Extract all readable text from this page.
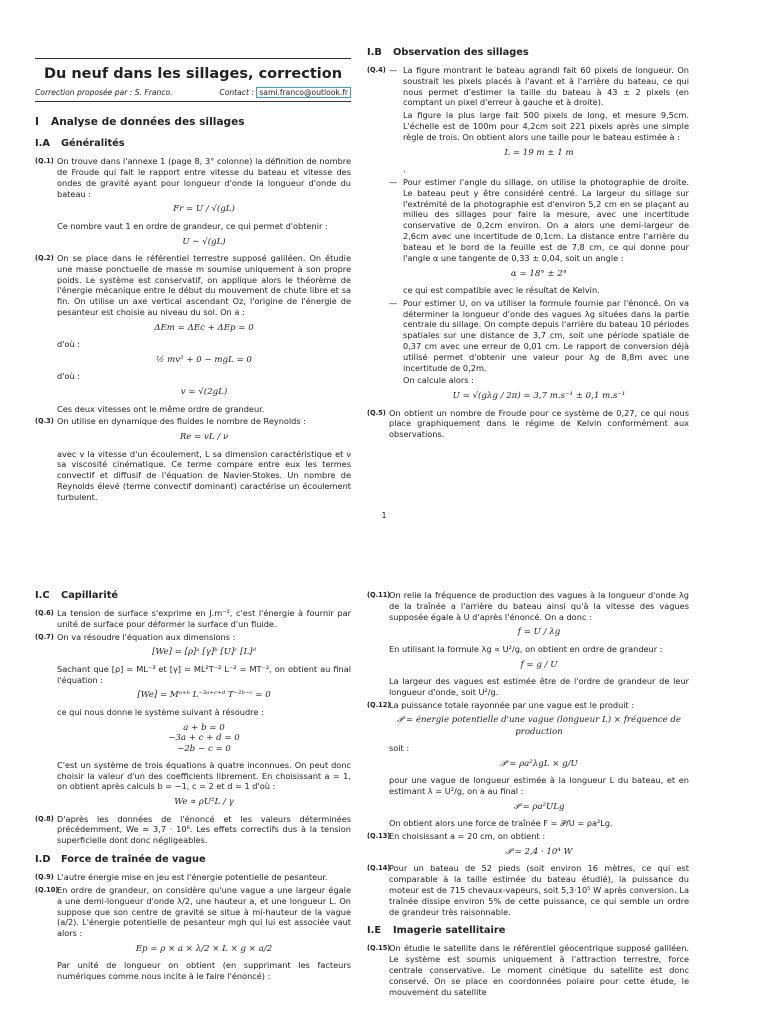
Du neuf dans les sillages, correction
Correction proposée par : S. Franco.	Contact : sami.franco@outlook.fr
I Analyse de données des sillages
I.A Généralités
(Q.1) On trouve dans l'annexe 1 (page 8, 3° colonne) la définition de nombre de Froude qui fait le rapport entre vitesse du bateau et vitesse des ondes de gravité ayant pour longueur d'onde la longueur d'onde du bateau :
Fr = U / √(gL)
Ce nombre vaut 1 en ordre de grandeur, ce qui permet d'obtenir :
U ∼ √(gL)
(Q.2) On se place dans le référentiel terrestre supposé galiléen. On étudie une masse ponctuelle de masse m soumise uniquement à son propre poids. Le système est conservatif, on applique alors le théorème de l'énergie mécanique entre le début du mouvement de chute libre et sa fin. On utilise un axe vertical ascendant Oz, l'origine de l'énergie de pesanteur est choisie au niveau du sol. On a :
ΔEm = ΔEc + ΔEp = 0
d'où :
½ mv² + 0 − mgL = 0
d'où :
v = √(2gL)
Ces deux vitesses ont le même ordre de grandeur.
(Q.3) On utilise en dynamique des fluides le nombre de Reynolds :
Re = vL / ν
avec v la vitesse d'un écoulement, L sa dimension caractéristique et ν sa viscosité cinématique. Ce terme compare entre eux les termes convectif et diffusif de l'équation de Navier-Stokes. Un nombre de Reynolds élevé (terme convectif dominant) caractérise un écoulement turbulent.
I.B Observation des sillages
(Q.4) — La figure montrant le bateau agrandi fait 60 pixels de longueur. On soustrait les pixels placés à l'avant et à l'arrière du bateau, ce qui nous permet d'estimer la taille du bateau à 43 ± 2 pixels (en comptant un pixel d'erreur à gauche et à droite).
La figure la plus large fait 500 pixels de long, et mesure 9,5cm. L'échelle est de 100m pour 4,2cm soit 221 pixels après une simple règle de trois. On obtient alors une taille pour le bateau estimée à :
L = 19 m ± 1 m
.
— Pour estimer l'angle du sillage, on utilise la photographie de droite. Le bateau peut y être considéré centré. La largeur du sillage sur l'extrémité de la photographie est d'environ 5,2 cm en se plaçant au milieu des sillages pour faire la mesure, avec une incertitude conservative de 0,2cm environ. On a alors une demi-largeur de 2,6cm avec une incertitude de 0,1cm. La distance entre l'arrière du bateau et le bord de la feuille est de 7,8 cm, ce qui donne pour l'angle α une tangente de 0,33 ± 0,04, soit un angle :
α = 18° ± 2°
ce qui est compatible avec le résultat de Kelvin.
— Pour estimer U, on va utiliser la formule fournie par l'énoncé. On va déterminer la longueur d'onde des vagues λg situées dans la partie centrale du sillage. On compte depuis l'arrière du bateau 10 périodes spatiales sur une distance de 3,7 cm, soit une période spatiale de 0,37 cm avec une erreur de 0,01 cm. Le rapport de conversion déjà utilisé permet d'obtenir une valeur pour λg de 8,8m avec une incertitude de 0,2m.
On calcule alors :
U = √(gλg / 2π) = 3,7 m.s⁻¹ ± 0,1 m.s⁻¹
(Q.5) On obtient un nombre de Froude pour ce système de 0,27, ce qui nous place graphiquement dans le régime de Kelvin conformément aux observations.
1
I.C Capillarité
(Q.6) La tension de surface s'exprime en J.m⁻², c'est l'énergie à fournir par unité de surface pour déformer la surface d'un fluide.
(Q.7) On va résoudre l'équation aux dimensions :
[We] = [ρ]ᵃ [γ]ᵇ [U]ᶜ [L]ᵈ
Sachant que [ρ] = ML⁻³ et [γ] = ML²T⁻² L⁻² = MT⁻², on obtient au final l'équation :
[We] = Mᵃ⁺ᵇ L⁻³ᵃ⁺ᶜ⁺ᵈ T⁻²ᵇ⁻ᶜ = 0
ce qui nous donne le système suivant à résoudre :
a + b = 0
−3a + c + d = 0
−2b − c = 0
C'est un système de trois équations à quatre inconnues. On peut donc choisir la valeur d'un des coefficients librement. En choisissant a = 1, on obtient après calculs b = −1, c = 2 et d = 1 d'où :
We ∝ ρU²L / γ
(Q.8) D'après les données de l'énoncé et les valeurs déterminées précédemment, We ≃ 3,7 · 10⁶. Les effets correctifs dus à la tension superficielle dont donc négligeables.
I.D Force de traînée de vague
(Q.9) L'autre énergie mise en jeu est l'énergie potentielle de pesanteur.
(Q.10)
En ordre de grandeur, on considère qu'une vague a une largeur égale a une demi-longueur d'onde λ/2, une hauteur a, et une longueur L. On suppose que son centre de gravité se situe à mi-hauteur de la vague (a/2). L'énergie potentielle de pesanteur mgh qui lui est associée vaut alors :
Ep = ρ × a × λ/2 × L × g × a/2
Par unité de longueur on obtient (en supprimant les facteurs numériques comme nous incite à le faire l'énoncé) :
(Q.11)
On relie la fréquence de production des vagues à la longueur d'onde λg de la traînée a l'arrière du bateau ainsi qu'à la vitesse des vagues supposée égale à U d'après l'énoncé. On a donc :
f = U / λg
En utilisant la formule λg ∝ U²/g, on obtient en ordre de grandeur :
f = g / U
La largeur des vagues est estimée être de l'ordre de grandeur de leur longueur d'onde, soit U²/g.
(Q.12)
La puissance totale rayonnée par une vague est le produit :
𝒫 = énergie potentielle d'une vague (longueur L) × fréquence de production
soit :
𝒫 = ρa²λgL × g/U
pour une vague de longueur estimée à la longueur L du bateau, et en estimant λ = U²/g, on a au final :
𝒫 = ρa²ULg
On obtient alors une force de traînée F = 𝒫/U = ρa²Lg.
(Q.13)
En choisissant a = 20 cm, on obtient :
𝒫 = 2,4 · 10⁴ W
(Q.14)
Pour un bateau de 52 pieds (soit environ 16 mètres, ce qui est comparable à la taille estimée du bateau étudié), la puissance du moteur est de 715 chevaux-vapeurs, soit 5,3·10⁵ W après conversion. La traînée dissipe environ 5% de cette puissance, ce qui semble un ordre de grandeur très raisonnable.
I.E Imagerie satellitaire
(Q.15)
On étudie le satellite dans le référentiel géocentrique supposé galiléen. Le système est soumis uniquement à l'attraction terrestre, force centrale conservative. Le moment cinétique du satellite est donc conservé. On se place en coordonnées polaire pour cette étude, le mouvement du satellite
